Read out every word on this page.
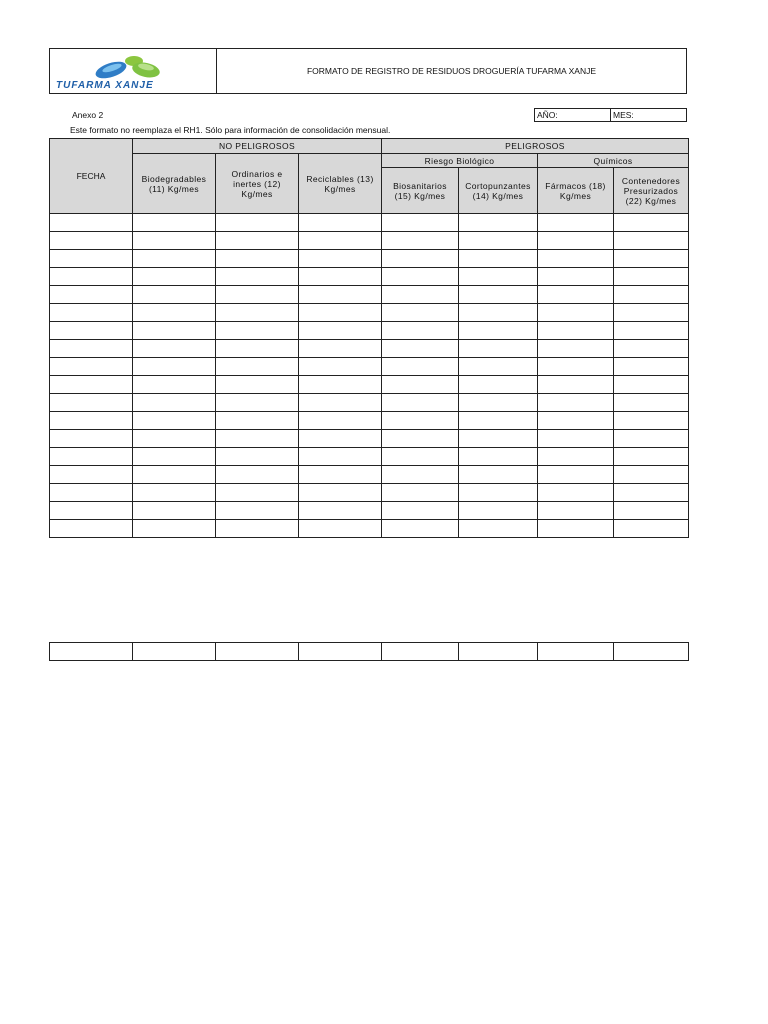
TUFARMA XANJE
FORMATO DE REGISTRO DE RESIDUOS DROGUERÍA TUFARMA XANJE
Anexo 2
Este formato no reemplaza el RH1. Sólo para información de consolidación mensual.
AÑO:	MES:
FECHA	NO PELIGROSOS			PELIGROSOS			
	Biodegradables (11) Kg/mes	Ordinarios e inertes (12) Kg/mes	Reciclables (13) Kg/mes	Riesgo Biológico		Químicos	
				Biosanitarios (15) Kg/mes	Cortopunzantes (14) Kg/mes	Fármacos (18) Kg/mes	Contenedores Presurizados (22) Kg/mes
